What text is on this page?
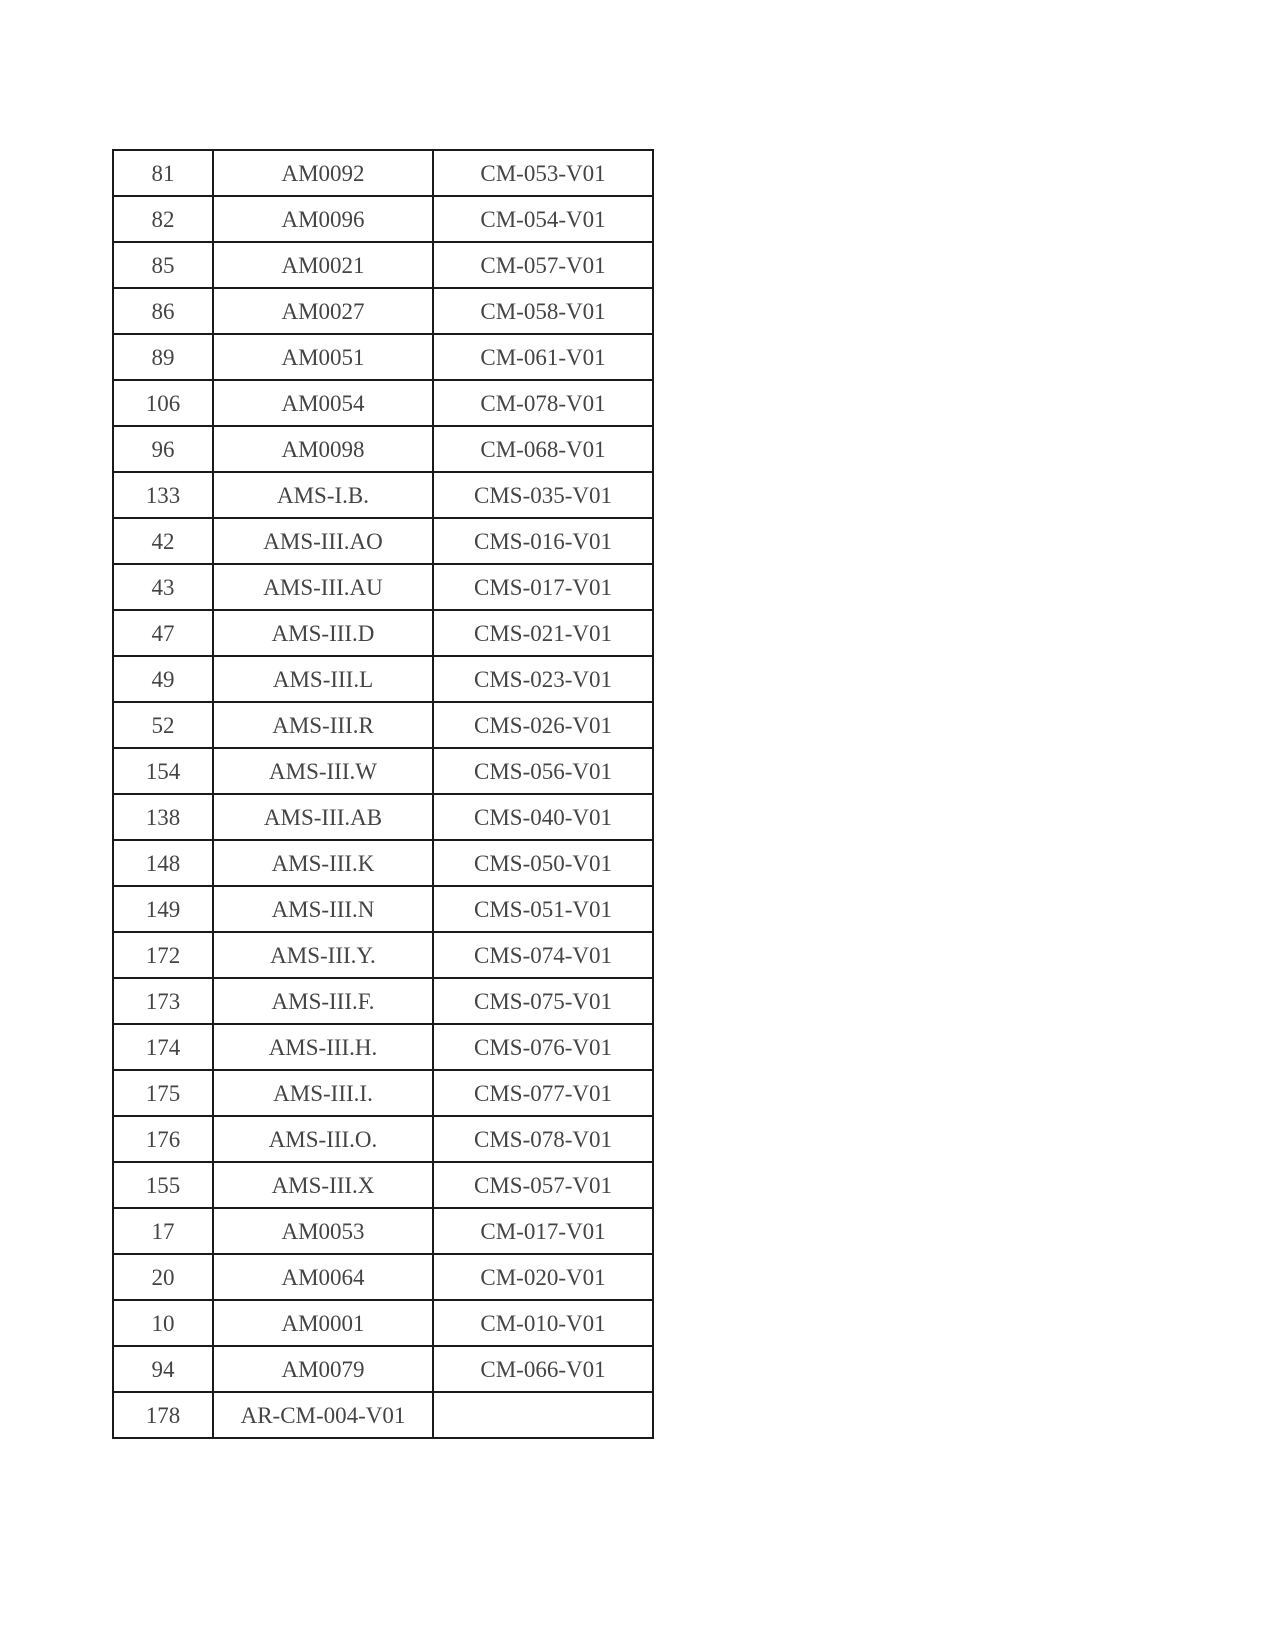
81	AM0092	CM-053-V01
82	AM0096	CM-054-V01
85	AM0021	CM-057-V01
86	AM0027	CM-058-V01
89	AM0051	CM-061-V01
106	AM0054	CM-078-V01
96	AM0098	CM-068-V01
133	AMS-I.B.	CMS-035-V01
42	AMS-III.AO	CMS-016-V01
43	AMS-III.AU	CMS-017-V01
47	AMS-III.D	CMS-021-V01
49	AMS-III.L	CMS-023-V01
52	AMS-III.R	CMS-026-V01
154	AMS-III.W	CMS-056-V01
138	AMS-III.AB	CMS-040-V01
148	AMS-III.K	CMS-050-V01
149	AMS-III.N	CMS-051-V01
172	AMS-III.Y.	CMS-074-V01
173	AMS-III.F.	CMS-075-V01
174	AMS-III.H.	CMS-076-V01
175	AMS-III.I.	CMS-077-V01
176	AMS-III.O.	CMS-078-V01
155	AMS-III.X	CMS-057-V01
17	AM0053	CM-017-V01
20	AM0064	CM-020-V01
10	AM0001	CM-010-V01
94	AM0079	CM-066-V01
178	AR-CM-004-V01	
